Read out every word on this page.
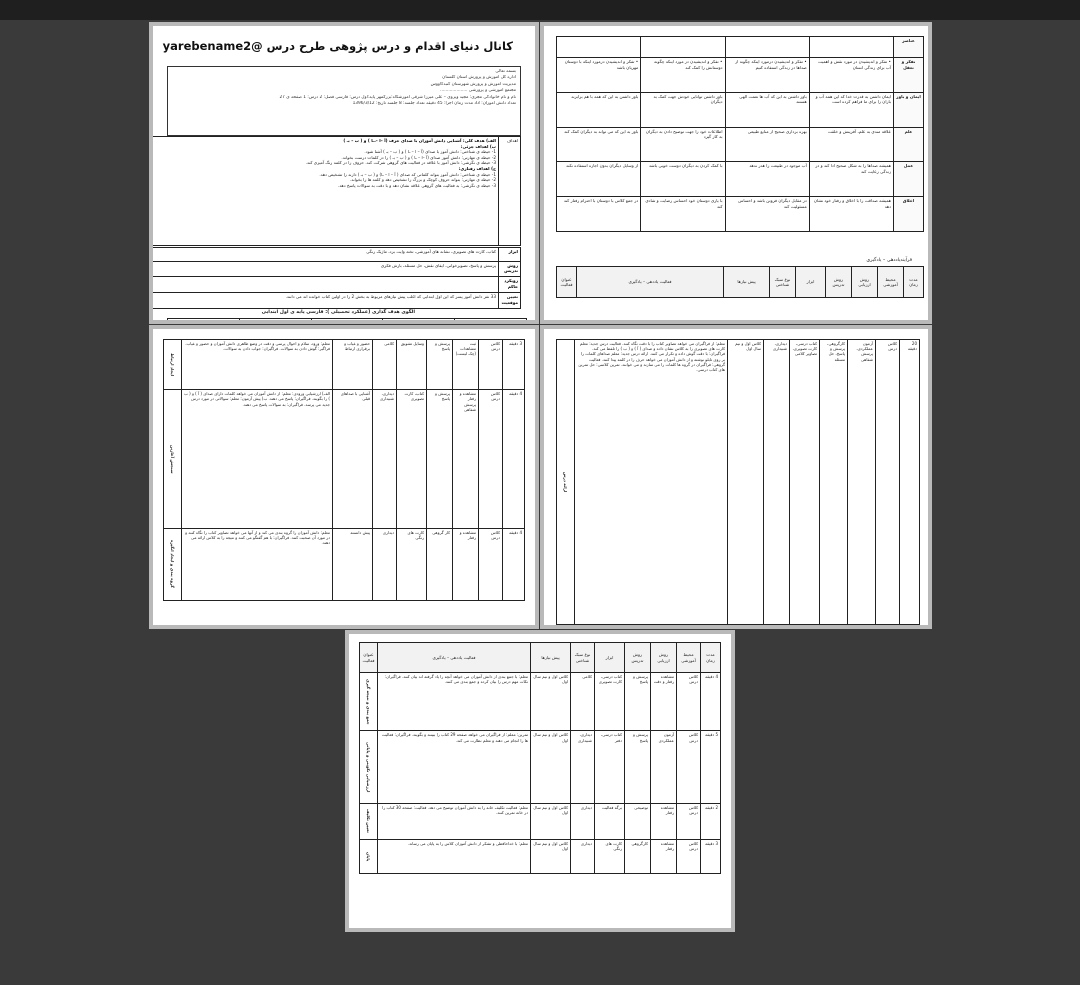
کانال دنیای اقدام و درس پژوهی طرح درس @yarebename2
بسمه تعالی
اداره کل آموزش و پرورش استان گلستان
مدیریت آموزش و پرورش شهرستان گنبدکاووس
مجتمع آموزشی و پرورشی ....................
نام و نام خانوادگی مجری: مجید ویزوی – علی میرزا شرقی آموزشگاه:بزرگمهر پایه:اول درس: فارسی فصل: 2 درس: 1 صفحه ی 27
تعداد دانش آموزان: 33 مدت زمان اجرا: 45 دقیقه تعداد جلسه: 8 جلسه تاریخ: 1396/3/12
اهداف	
الف) هدف کلی: آشنایی دانش آموزان با صدای حرف (آ –ا –ــا ) و ( ب – بـ )
ب) اهداف جزئی:
1- حیطه ی شناختی: دانش آموز با صدای (آ – ا – ـا ) و ( ب – بـ ) آشنا شود.
2- حیطه ی مهارتی: دانش آموز صدای (آ –ا – ـا ) و ( ب – بـ ) را در کلمات درست بخواند.
3- حیطه ی نگرشی: دانش آموز با علاقه در فعالیت های گروهی شرکت کند. حروف را در کلمه رنگ آمیزی کند.
ج) اهداف رفتاری:
1- حیطه ی شناختی: دانش آموز بتواند کلماتی که صدای ( آ – ا – ـا) و ( ب – بـ ) دارند را تشخیص دهد.
2- حیطه ی مهارتی: بتواند حروف کوچک و بزرگ را تشخیص دهد و کلمه ها را بخواند.
3- حیطه ی نگرشی: به فعالیت های گروهی علاقه نشان دهد و با دقت به سوالات پاسخ دهد.
ابزار	کتاب، کارت های تصویری، نشانه های آموزشی، تخته وایت برد، ماژیک رنگی
روش تدریس	پرسش و پاسخ، تصویرخوانی، ایفای نقش، حل مسئله، بارش فکری
رویکرد حاکم	
تعیین موقعیت	33 نفر دانش آموز پسر که این اول ابتدایی که اغلب پیش نیازهای مربوط به بخش 2 را در اولین کتاب خوانده اند می دانند.
الگوی هدف گذاری (عملکرد تحصیلی ): فارسی پایه ی اول ابتدایی
درارتباط با خدا	درارتباط با خلق(طبیعت)	درارتباط با خلق(سایرانسانها)	درارتباط با خود(نفس)	عرصه ها
عناصر				
تفکر و تعقل	• تفکر و اندیشیدن در مورد نقش و اهمیت آب برای زندگی انسان	• تفکر و اندیشیدن درمورد اینکه چگونه از صداها در زندگی استفاده کنیم	• تفکر و اندیشیدن در مورد اینکه چگونه دوستانش را کمک کند	• تفکر و اندیشیدن درمورد اینکه با دوستان مهربان باشد
ایمان و باور	ایمان داشتن به قدرت خدا که این همه آب و باران را برای ما فراهم کرده است	باور داشتن به این که آب ها نعمت الهی هستند	باور داشتن توانایی خودش جهت کمک به دیگران	باور داشتن به این که همه با هم برابرند
علم	علاقه مندی به علم، آفرینش و خلقت	بهره برداری صحیح از منابع طبیعی	اطلاعات خود را جهت توضیح دادن به دیگران به کار گیرد	باور به این که می تواند به دیگران کمک کند
عمل	همیشه صداها را به شکل صحیح ادا کند و در زندگی رعایت کند	آب موجود در طبیعت را هدر ندهد	با کمک کردن به دیگران دوست خوبی باشد	از وسایل دیگران بدون اجازه استفاده نکند
اخلاق	همیشه صداقت را با اخلاق و رفتار خود نشان دهد	در مقابل دیگران فروتن باشد و احساس مسئولیت کند	با یاری دوستان خود احساس رضایت و شادی کند	در جمع کلاس با دوستان با احترام رفتار کند
فرآیندیاددهی – یادگیری
مدت زمان	محیط آموزشی	روش ارزیابی	روش تدریس	ابزار	نوع سبک شناختی	پیش نیازها	فعالیت یاددهی – یادگیری	عنوان فعالیت
3 دقیقه	کلاس درس	ثبت مشاهدات (چک لیست)	پرسش و پاسخ	وسایل تشویق	کلامی	حضور و غیاب و برقراری ارتباط	معلم: ورود، سلام و احوال پرسی و دقت در وضع ظاهری دانش آموزان و حضور و غیاب. فراگیر: گوش دادن به سوالات. فراگیران: جواب دادن به سوالات.	ایجاد ارتباط
4 دقیقه	کلاس درس	مشاهده و رفتار پرسش شفاهی	پرسش و پاسخ	کتاب، کارت تصویری	دیداری، شنیداری	آشنایی با صداهای قبلی	الف) ارزشیابی ورودی: معلم: از دانش آموزان می خواهد کلمات دارای صدای ( آ ) و ( ب ) را بگویند. فراگیران: پاسخ می دهند. ب) پیش آزمون: معلم: سوالاتی در مورد درس جدید می پرسد. فراگیران: به سوالات پاسخ می دهند.	سنجش آغازین
4 دقیقه	کلاس درس	مشاهده و رفتار	کار گروهی	کارت های رنگی	دیداری	پیش دانسته	معلم: دانش آموزان را گروه بندی می کند و از آنها می خواهد تصاویر کتاب را نگاه کنند و در مورد آن صحبت کنند. فراگیران: با هم گفتگو می کنند و نتیجه را به کلاس ارائه می دهند.	گروه بندی و ایجاد انگیزه
20 دقیقه	کلاس درس	آزمون عملکردی، پرسش شفاهی	کارگروهی، پرسش و پاسخ، حل مسئله	کتاب درسی، کارت تصویری، تصاویر کلامی	دیداری، شنیداری	کلاس اول و نیم سال اول	معلم: از فراگیران می خواهد تصاویر کتاب را با دقت نگاه کنند. فعالیت درس جدید: معلم کارت های تصویری را به کلاس نشان داده و صدای ( آ ) و ( ب ) را تلفظ می کند. فراگیران: با دقت گوش داده و تکرار می کنند. ارائه درس جدید: معلم صداهای کلمات را بر روی تابلو نوشته و از دانش آموزان می خواهد حرف را در کلمه پیدا کنند. فعالیت گروهی: فراگیران در گروه ها کلمات را می سازند و می خوانند. تمرین کلاسی: حل تمرین های کتاب درسی.	ارائه درس
مدت زمان	محیط آموزشی	روش ارزیابی	روش تدریس	ابزار	نوع سبک شناختی	پیش نیازها	فعالیت یاددهی – یادگیری	عنوان فعالیت
4 دقیقه	کلاس درس	مشاهده رفتار و دقت	پرسش و پاسخ	کتاب درسی، کارت تصویری	کلامی	کلاس اول و نیم سال اول	معلم: با جمع بندی از دانش آموزان می خواهد آنچه را یاد گرفته اند بیان کنند. فراگیران: نکات مهم درس را بیان کرده و جمع بندی می کنند.	جمع بندی و نتیجه گیری
5 دقیقه	کلاس درس	آزمون عملکردی	پرسش و پاسخ	کتاب درسی، دفتر	دیداری، شنیداری	کلاس اول و نیم سال اول	تمرین: معلم: از فراگیران می خواهد صفحه 29 کتاب را ببینند و بگویند. فراگیران: فعالیت ها را انجام می دهند و معلم نظارت می کند.	ارزشیابی تکوینی و پایانی
2 دقیقه	کلاس درس	مشاهده رفتار	توضیحی	برگه فعالیت	دیداری	کلاس اول و نیم سال اول	معلم: فعالیت تکلیف خانه را به دانش آموزان توضیح می دهد. فعالیت: صفحه 30 کتاب را در خانه تمرین کنند.	تعیین تکلیف
3 دقیقه	کلاس درس	مشاهده رفتار	کارگروهی	کارت های رنگی	دیداری	کلاس اول و نیم سال اول	معلم: با خداحافظی و تشکر از دانش آموزان کلاس را به پایان می رساند.	پایان
